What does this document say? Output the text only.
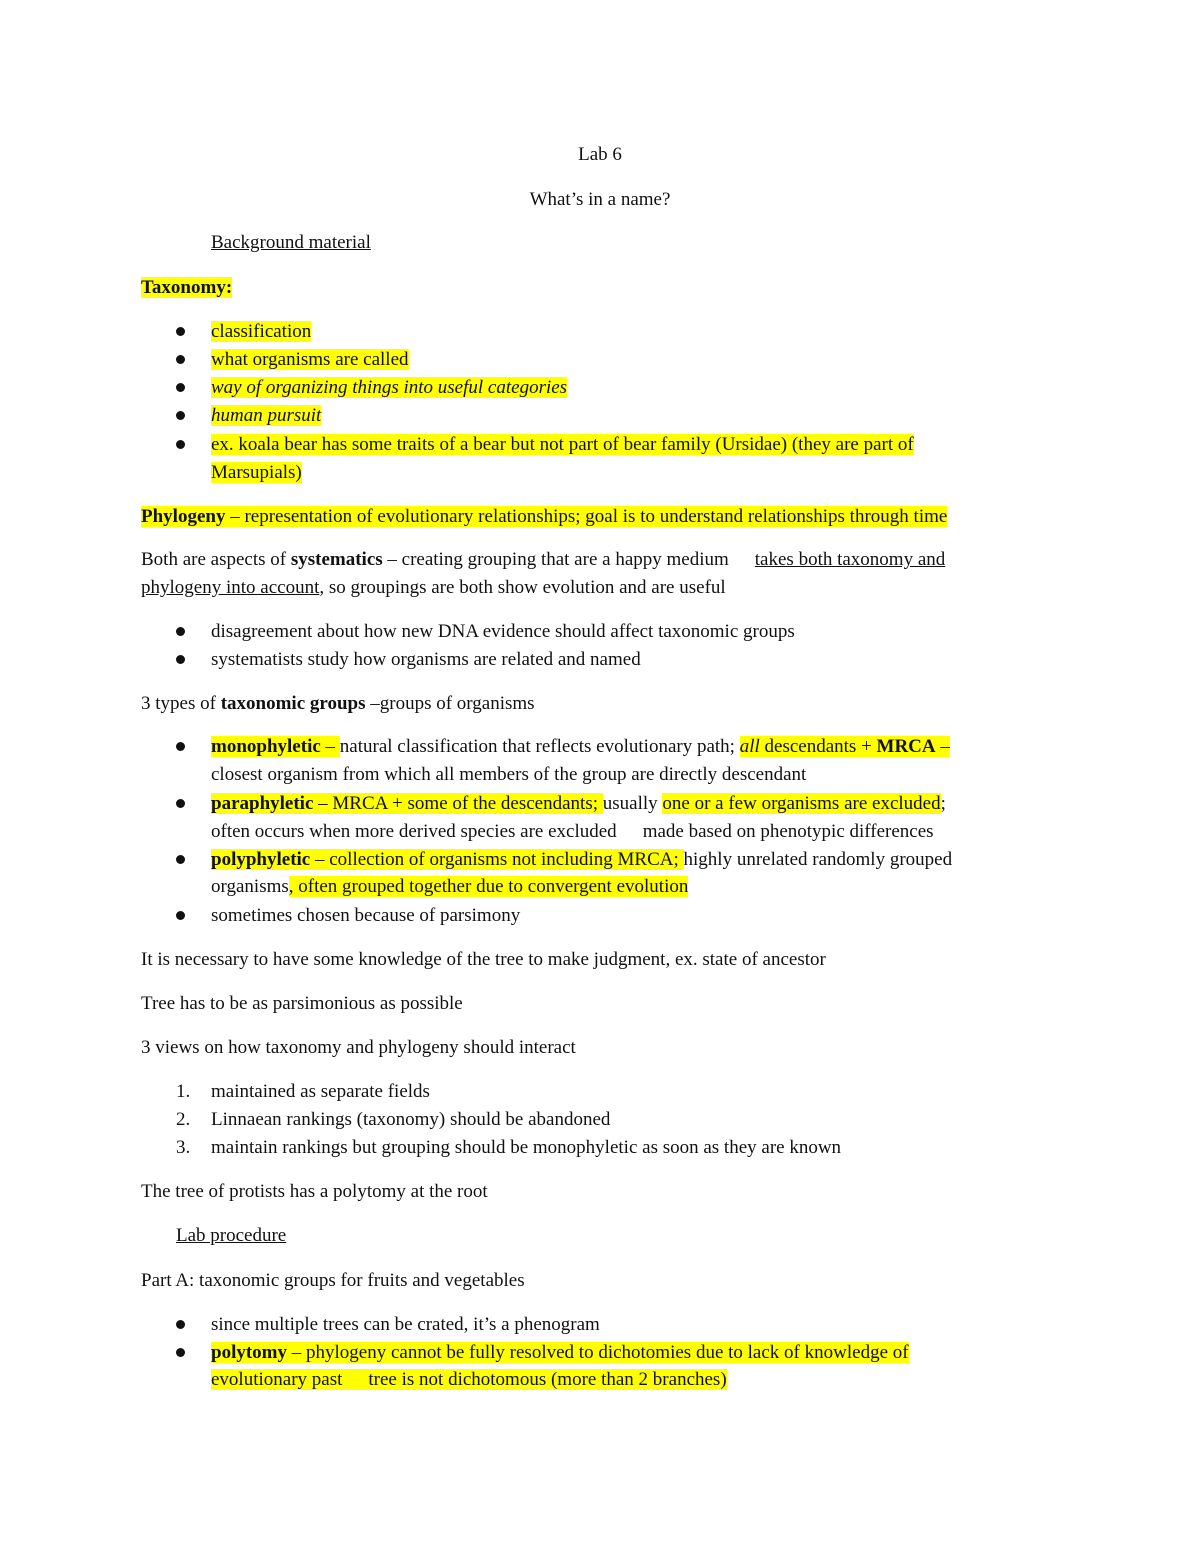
Lab 6
What’s in a name?
Background material
Taxonomy:
classification
what organisms are called
way of organizing things into useful categories
human pursuit
ex. koala bear has some traits of a bear but not part of bear family (Ursidae) (they are part of
Marsupials)
Phylogeny – representation of evolutionary relationships; goal is to understand relationships through time
Both are aspects of systematics – creating grouping that are a happy medium takes both taxonomy and
phylogeny into account, so groupings are both show evolution and are useful
disagreement about how new DNA evidence should affect taxonomic groups
systematists study how organisms are related and named
3 types of taxonomic groups –groups of organisms
monophyletic – natural classification that reflects evolutionary path; all descendants + MRCA –
closest organism from which all members of the group are directly descendant
paraphyletic – MRCA + some of the descendants; usually one or a few organisms are excluded;
often occurs when more derived species are excluded made based on phenotypic differences
polyphyletic – collection of organisms not including MRCA; highly unrelated randomly grouped
organisms, often grouped together due to convergent evolution
sometimes chosen because of parsimony
It is necessary to have some knowledge of the tree to make judgment, ex. state of ancestor
Tree has to be as parsimonious as possible
3 views on how taxonomy and phylogeny should interact
1. maintained as separate fields
2. Linnaean rankings (taxonomy) should be abandoned
3. maintain rankings but grouping should be monophyletic as soon as they are known
The tree of protists has a polytomy at the root
Lab procedure
Part A: taxonomic groups for fruits and vegetables
since multiple trees can be crated, it’s a phenogram
polytomy – phylogeny cannot be fully resolved to dichotomies due to lack of knowledge of
evolutionary past tree is not dichotomous (more than 2 branches)
